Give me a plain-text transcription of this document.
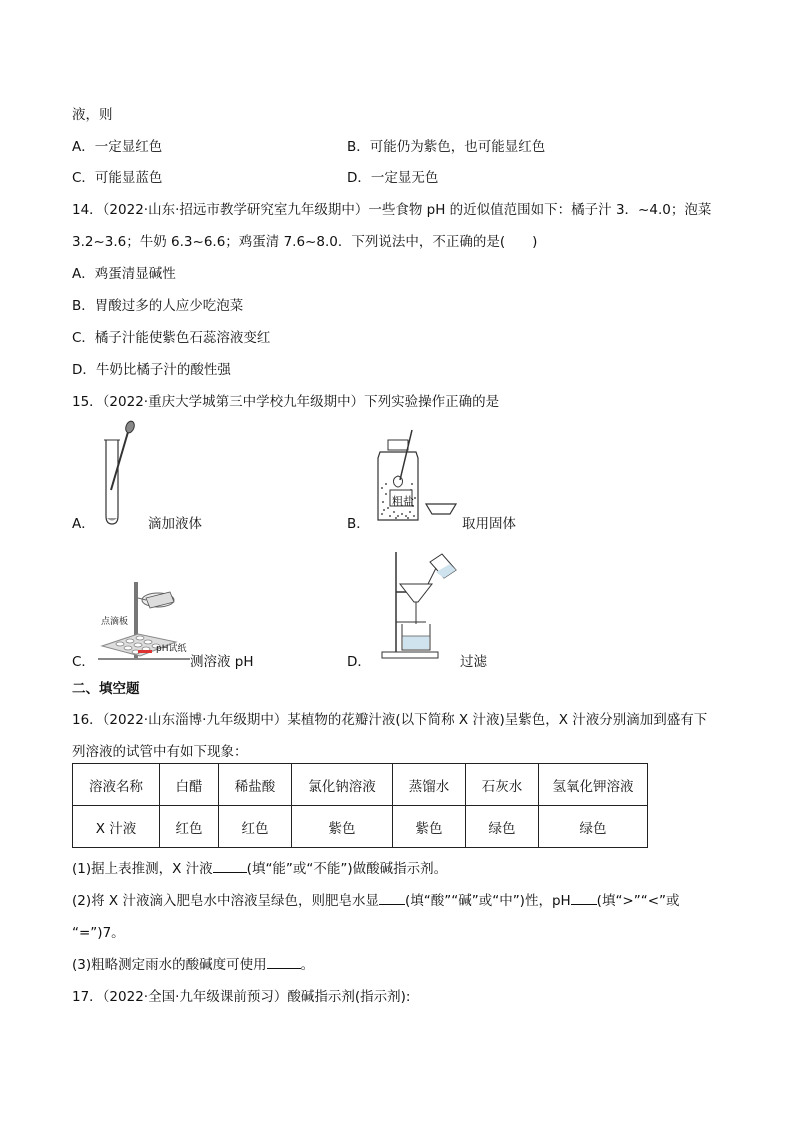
液，则
A．一定显红色	B．可能仍为紫色，也可能显红色
C．可能显蓝色	D．一定显无色
14．（2022·山东·招远市教学研究室九年级期中）一些食物 pH 的近似值范围如下：橘子汁 3．~4.0；泡菜
3.2~3.6；牛奶 6.3~6.6；鸡蛋清 7.6~8.0．下列说法中，不正确的是(　　)
A．鸡蛋清显碱性
B．胃酸过多的人应少吃泡菜
C．橘子汁能使紫色石蕊溶液变红
D．牛奶比橘子汁的酸性强
15．（2022·重庆大学城第三中学校九年级期中）下列实验操作正确的是
A．	滴加液体	B．
粗盐
取用固体
C．
点滴板
pH试纸
测溶液 pH	D．	过滤
二、填空题
16．（2022·山东淄博·九年级期中）某植物的花瓣汁液(以下简称 X 汁液)呈紫色，X 汁液分别滴加到盛有下
列溶液的试管中有如下现象：
溶液名称	白醋	稀盐酸	氯化钠溶液	蒸馏水	石灰水	氢氧化钾溶液
X 汁液	红色	红色	紫色	紫色	绿色	绿色
(1)据上表推测，X 汁液	(填“能”或“不能”)做酸碱指示剂。
(2)将 X 汁液滴入肥皂水中溶液呈绿色，则肥皂水显 (填“酸”“碱”或“中”)性，pH (填“>”“<”或
“=”)7。
(3)粗略测定雨水的酸碱度可使用	。
17．（2022·全国·九年级课前预习）酸碱指示剂(指示剂):
